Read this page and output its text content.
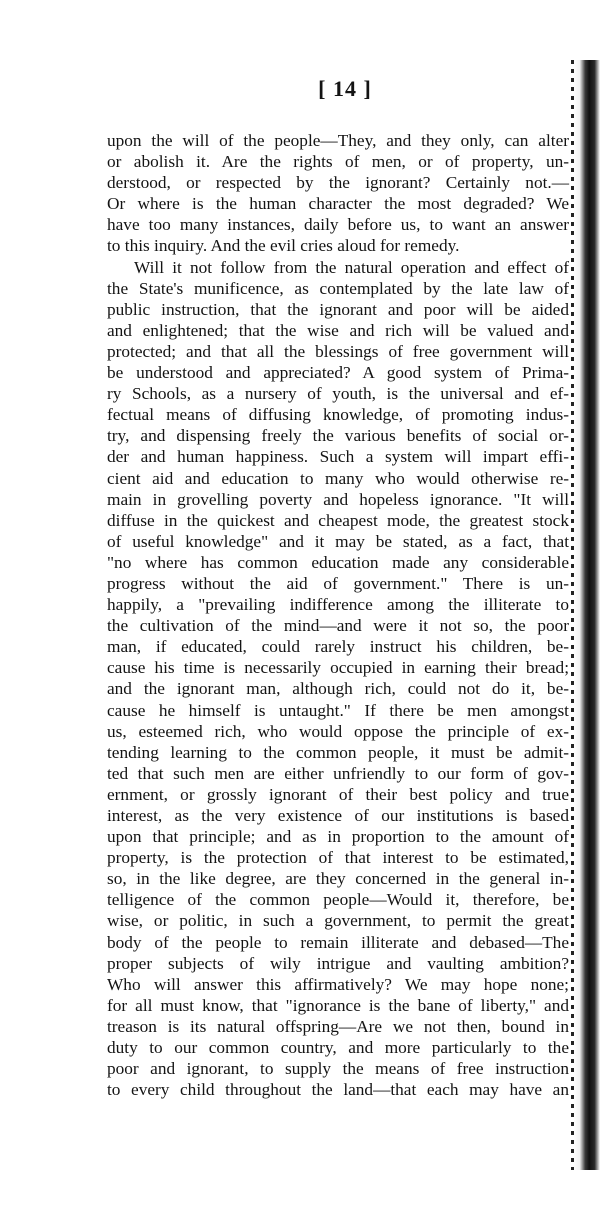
[ 14 ]
upon the will of the people—They, and they only, can alter
or abolish it. Are the rights of men, or of property, un-
derstood, or respected by the ignorant? Certainly not.—
Or where is the human character the most degraded? We
have too many instances, daily before us, to want an answer
to this inquiry. And the evil cries aloud for remedy.
Will it not follow from the natural operation and effect of
the State's munificence, as contemplated by the late law of
public instruction, that the ignorant and poor will be aided
and enlightened; that the wise and rich will be valued and
protected; and that all the blessings of free government will
be understood and appreciated? A good system of Prima-
ry Schools, as a nursery of youth, is the universal and ef-
fectual means of diffusing knowledge, of promoting indus-
try, and dispensing freely the various benefits of social or-
der and human happiness. Such a system will impart effi-
cient aid and education to many who would otherwise re-
main in grovelling poverty and hopeless ignorance. "It will
diffuse in the quickest and cheapest mode, the greatest stock
of useful knowledge" and it may be stated, as a fact, that
"no where has common education made any considerable
progress without the aid of government." There is un-
happily, a "prevailing indifference among the illiterate to
the cultivation of the mind—and were it not so, the poor
man, if educated, could rarely instruct his children, be-
cause his time is necessarily occupied in earning their bread;
and the ignorant man, although rich, could not do it, be-
cause he himself is untaught." If there be men amongst
us, esteemed rich, who would oppose the principle of ex-
tending learning to the common people, it must be admit-
ted that such men are either unfriendly to our form of gov-
ernment, or grossly ignorant of their best policy and true
interest, as the very existence of our institutions is based
upon that principle; and as in proportion to the amount of
property, is the protection of that interest to be estimated,
so, in the like degree, are they concerned in the general in-
telligence of the common people—Would it, therefore, be
wise, or politic, in such a government, to permit the great
body of the people to remain illiterate and debased—The
proper subjects of wily intrigue and vaulting ambition?
Who will answer this affirmatively? We may hope none;
for all must know, that "ignorance is the bane of liberty," and
treason is its natural offspring—Are we not then, bound in
duty to our common country, and more particularly to the
poor and ignorant, to supply the means of free instruction
to every child throughout the land—that each may have an
